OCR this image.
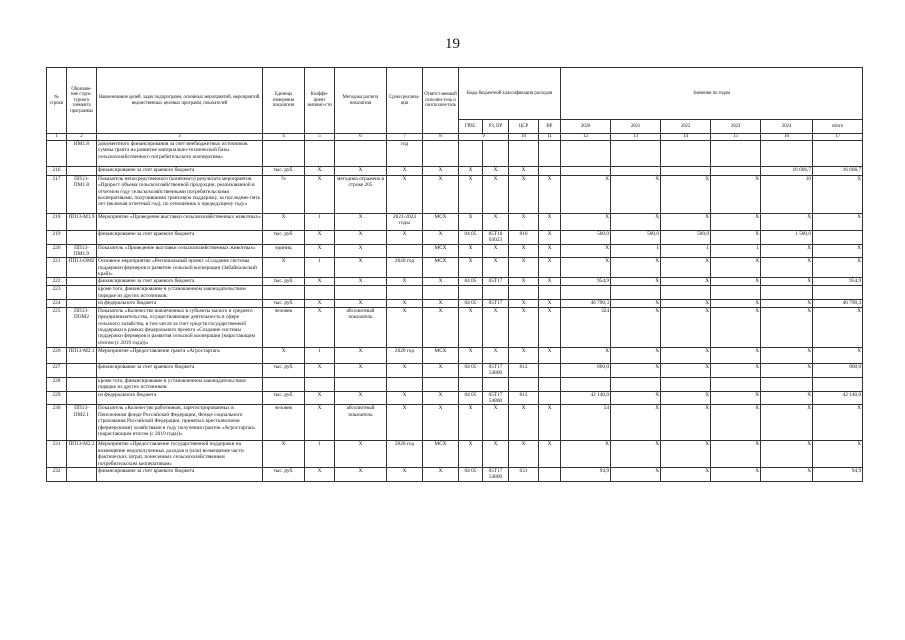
19
№ строки	Обозначе-ние струк-турного элемента программы	Наименование целей, задач подпрограмм, основных мероприятий, мероприятий, ведомственных целевых программ, показателей	Единица измерения показателя	Коэффи-циент значимо-сти	Методика расчета показателя	Сроки реализа-ции	Ответст-венный исполни-тель и соисполни-тель	Коды бюджетной классификации расходов				Значения по годам					
								ГРБС	РЗ, ПР	ЦСР	ВР	2020	2021	2022	2023	2024	итого
1	2	3	4	5	6	7	8	9		10	11	12	13	14	15	16	17
	ИМ1.8	документного финансирования за счет внебюджетных источников суммы гранта на развитие материально-технической базы сельскохозяйственного потребительского кооператива»				год											
216		финансирование за счет краевого бюджета	тыс. руб.	X	X	X	X	X	X	X						16 666,7	16 666,7
217	ПП13-ПМ1.8	Показатель непосредственного (конечного) результата мероприятия «Прирост объема сельскохозяйственной продукции, реализованной в отчетном году сельскохозяйственными потребительскими кооперативами, получившими грантовую поддержку, за последние пять лет (включая отчетный год), по отношению к предыдущему году»	%	X	методика отражена в строке 205	X	X	X	X	X	X	X	X	X	X	10	X
218	ПП13-М1.9	Мероприятие «Проведение выставки сельскохозяйственных животных»	X	1	X	2021-2023 годы	МСХ	X	X	X	X	X	X	X	X	X	X
219		финансирование за счет краевого бюджета	тыс. руб.	X	X	X	X	04 05	05Т10 03023	810	X	500,0	500,0	500,0	X	1 500,0	
220	ПП13-ПМ1.9	Показатель «Проведение выставки сельскохозяйственных животных»	единиц	X	X		МСХ	X	X	X	X	X	1	1	1	X	X
221	ПП13-ОМ2	Основное мероприятие «Региональный проект «Создание системы поддержки фермеров и развитие сельской кооперации (Забайкальский край)»	X	1	X	2020 год	МСХ	X	X	X	X	X	X	X	X	X	X
222		финансирование за счет краевого бюджета	тыс. руб.	X	X	X	X	04 05	05Т17	X	X	954,9	X	X	X	X	954,9
223		кроме того, финансирование в установленном законодательством порядке из других источников:															
224		из федерального бюджета	тыс. руб.	X	X	X	X	04 05	05Т17	X	X	46 790,3	X	X	X	X	46 790,3
225	ПП13-ПОМ2	Показатель «Количество вовлеченных в субъекты малого и среднего предпринимательства, осуществляющие деятельность в сфере сельского хозяйства, в том числе за счет средств государственной поддержки в рамках федерального проекта «Создание системы поддержки фермеров и развития сельской кооперации (нарастающим итогом (с 2019 года))»	человек	X	абсолютный показатель	X	X	X	X	X	X	324	X	X	X	X	X
226	ПП13-М2.1	Мероприятие «Предоставление гранта «Агростартап»	X	1	X	2020 год	МСХ	X	X	X	X	X	X	X	X	X	X
227		финансирование за счет краевого бюджета	тыс. руб.	X	X	X	X	04 05	05Т17 54800	812		860,0	X	X	X	X	860,0
228		кроме того, финансирование в установленном законодательством порядке из других источников:															
229		из федерального бюджета	тыс. руб.	X	X	X	X	04 05	05Т17 54800	812		42 140,0	X	X	X	X	42 140,0
230	ПП13-ПМ2.1	Показатель «Количество работников, зарегистрированных в Пенсионном фонде Российской Федерации, Фонде социального страхования Российской Федерации, принятых крестьянскими (фермерскими) хозяйствами в году получения грантов «Агростартап» (нарастающим итогом (с 2019 года))»	человек	X	абсолютный показатель	X	X	X	X	X	X	54	X	X	X	X	X
231	ПП13-М2.2	Мероприятие «Предоставление государственной поддержки на возмещение недополученных доходов и (или) возмещение части фактических затрат, понесенных сельскохозяйственным потребительским кооперативам»	X	1	X	2020 год	МСХ	X	X	X	X	X	X	X	X	X	X
232		финансирование за счет краевого бюджета	тыс. руб.	X	X	X	X	04 05	05Т17 54800	631		94,9	X	X	X	X	94,9
